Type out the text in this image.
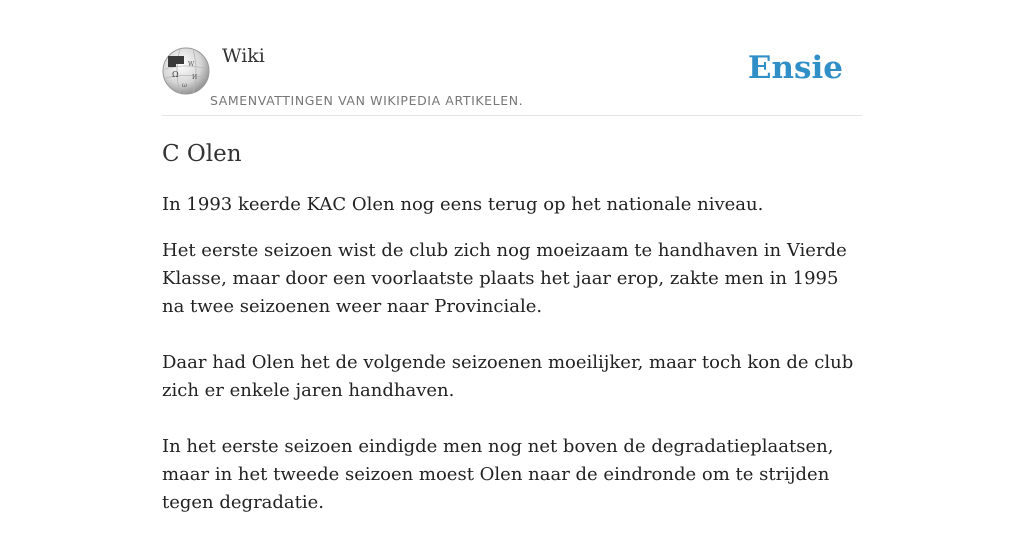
Ω
W
И
ω
Wiki
SAMENVATTINGEN VAN WIKIPEDIA ARTIKELEN.
Ensie
C Olen

In 1993 keerde KAC Olen nog eens terug op het nationale niveau.

Het eerste seizoen wist de club zich nog moeizaam te handhaven in Vierde Klasse, maar door een voorlaatste plaats het jaar erop, zakte men in 1995 na twee seizoenen weer naar Provinciale.

Daar had Olen het de volgende seizoenen moeilijker, maar toch kon de club zich er enkele jaren handhaven.

In het eerste seizoen eindigde men nog net boven de degradatieplaatsen, maar in het tweede seizoen moest Olen naar de eindronde om te strijden tegen degradatie.
